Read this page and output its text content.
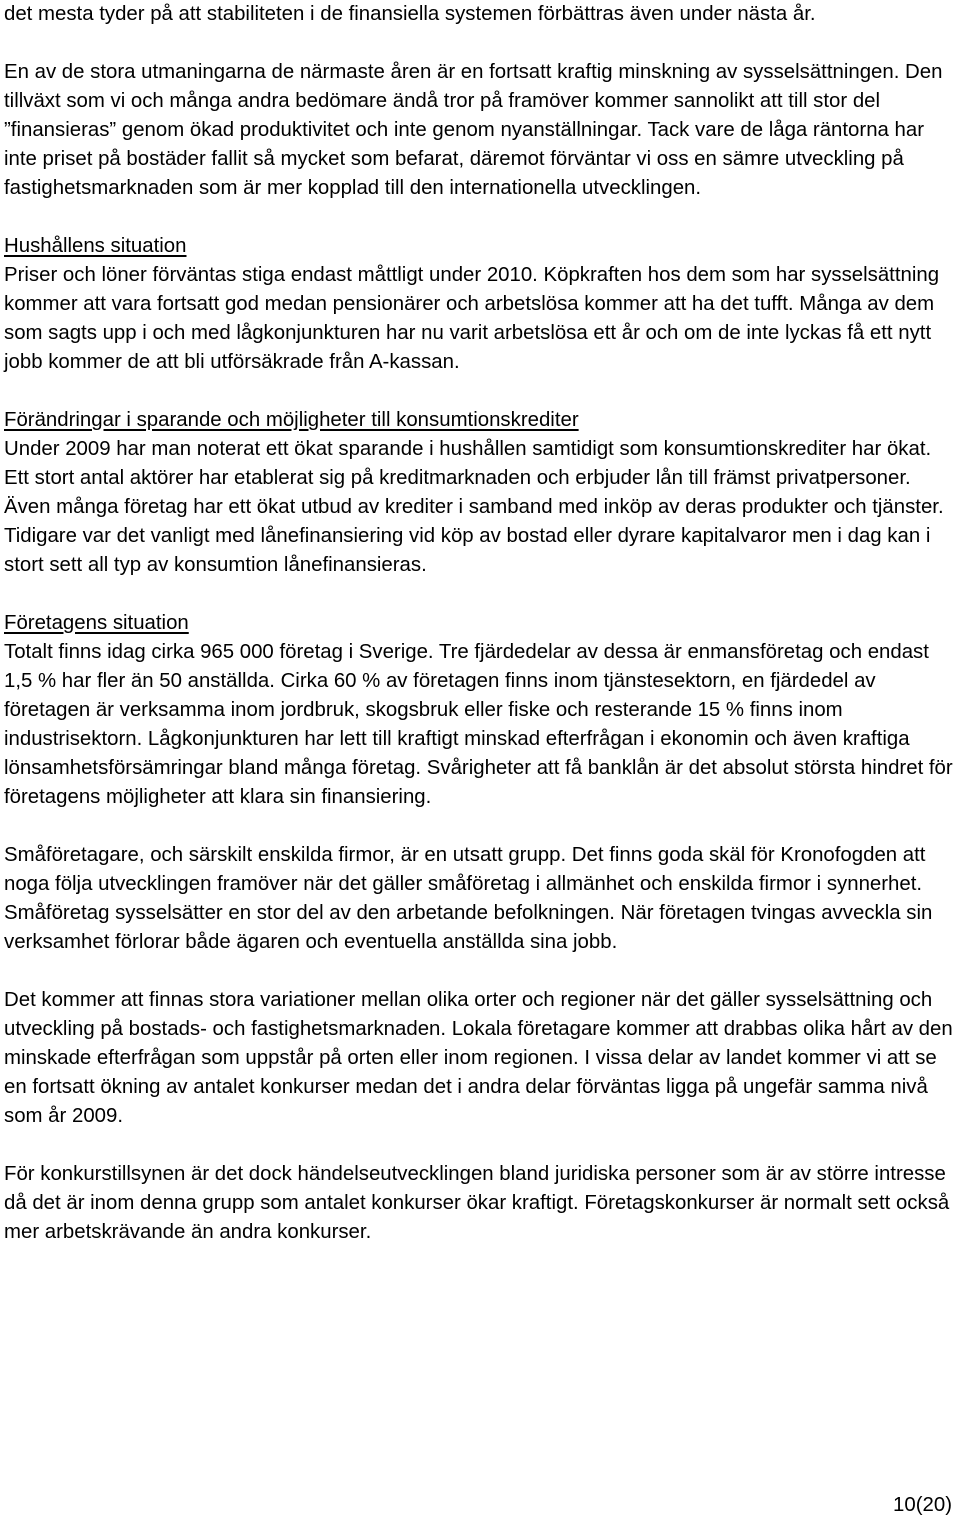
det mesta tyder på att stabiliteten i de finansiella systemen förbättras även under nästa år.

En av de stora utmaningarna de närmaste åren är en fortsatt kraftig minskning av sysselsättningen. Den tillväxt som vi och många andra bedömare ändå tror på framöver kommer sannolikt att till stor del ”finansieras” genom ökad produktivitet och inte genom nyanställningar. Tack vare de låga räntorna har inte priset på bostäder fallit så mycket som befarat, däremot förväntar vi oss en sämre utveckling på fastighetsmarknaden som är mer kopplad till den internationella utvecklingen.

Hushållens situation

Priser och löner förväntas stiga endast måttligt under 2010. Köpkraften hos dem som har sysselsättning kommer att vara fortsatt god medan pensionärer och arbetslösa kommer att ha det tufft. Många av dem som sagts upp i och med lågkonjunkturen har nu varit arbetslösa ett år och om de inte lyckas få ett nytt jobb kommer de att bli utförsäkrade från A-kassan.

Förändringar i sparande och möjligheter till konsumtionskrediter

Under 2009 har man noterat ett ökat sparande i hushållen samtidigt som konsumtionskrediter har ökat. Ett stort antal aktörer har etablerat sig på kreditmarknaden och erbjuder lån till främst privatpersoner. Även många företag har ett ökat utbud av krediter i samband med inköp av deras produkter och tjänster. Tidigare var det vanligt med lånefinansiering vid köp av bostad eller dyrare kapitalvaror men i dag kan i stort sett all typ av konsumtion lånefinansieras.

Företagens situation

Totalt finns idag cirka 965 000 företag i Sverige. Tre fjärdedelar av dessa är enmansföretag och endast 1,5 % har fler än 50 anställda. Cirka 60 % av företagen finns inom tjänstesektorn, en fjärdedel av företagen är verksamma inom jordbruk, skogsbruk eller fiske och resterande 15 % finns inom industrisektorn. Lågkonjunkturen har lett till kraftigt minskad efterfrågan i ekonomin och även kraftiga lönsamhetsförsämringar bland många företag. Svårigheter att få banklån är det absolut största hindret för företagens möjligheter att klara sin finansiering.

Småföretagare, och särskilt enskilda firmor, är en utsatt grupp. Det finns goda skäl för Kronofogden att noga följa utvecklingen framöver när det gäller småföretag i allmänhet och enskilda firmor i synnerhet. Småföretag sysselsätter en stor del av den arbetande befolkningen. När företagen tvingas avveckla sin verksamhet förlorar både ägaren och eventuella anställda sina jobb.

Det kommer att finnas stora variationer mellan olika orter och regioner när det gäller sysselsättning och utveckling på bostads- och fastighetsmarknaden. Lokala företagare kommer att drabbas olika hårt av den minskade efterfrågan som uppstår på orten eller inom regionen. I vissa delar av landet kommer vi att se en fortsatt ökning av antalet konkurser medan det i andra delar förväntas ligga på ungefär samma nivå som år 2009.

För konkurstillsynen är det dock händelseutvecklingen bland juridiska personer som är av större intresse då det är inom denna grupp som antalet konkurser ökar kraftigt. Företagskonkurser är normalt sett också mer arbetskrävande än andra konkurser.

10(20)
